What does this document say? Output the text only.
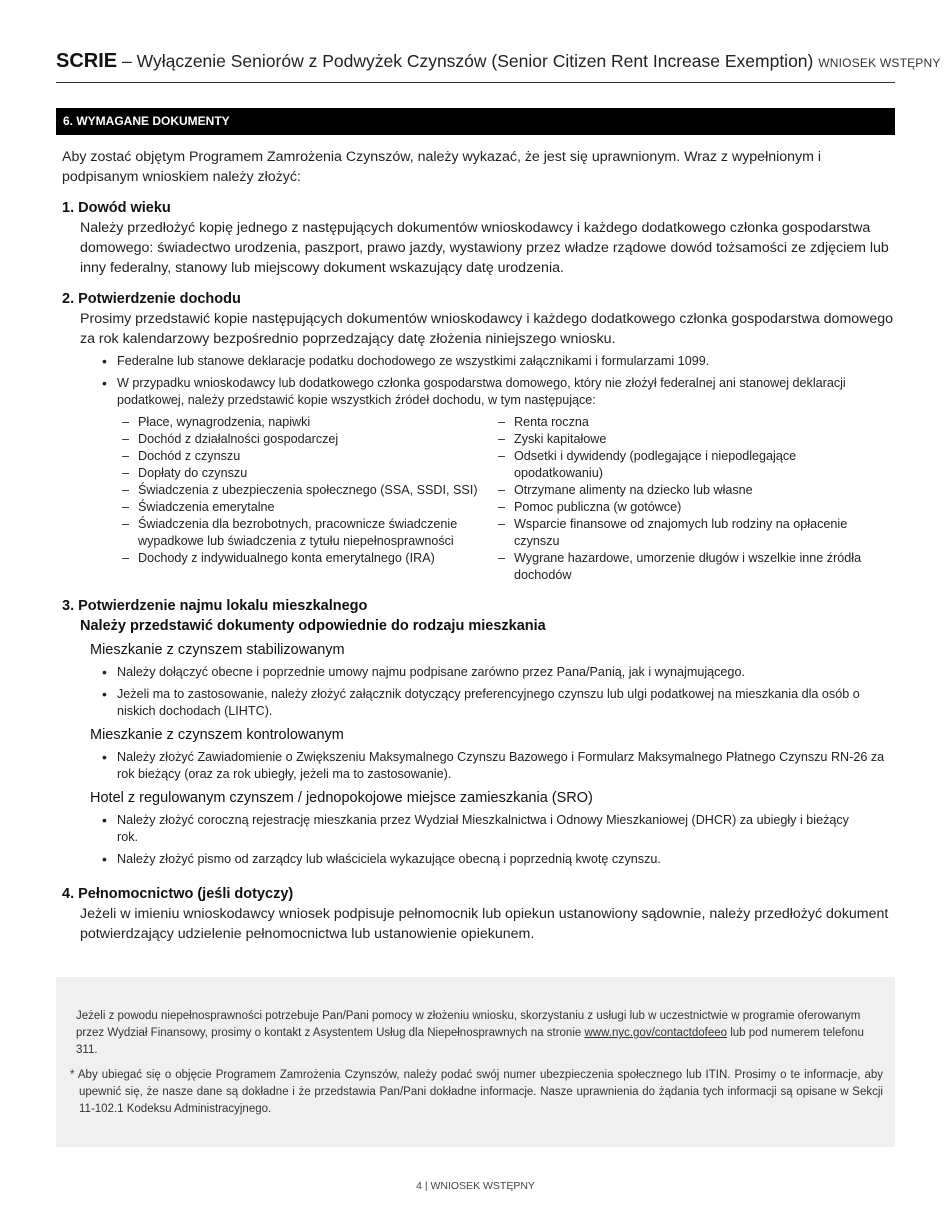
SCRIE – Wyłączenie Seniorów z Podwyżek Czynszów (Senior Citizen Rent Increase Exemption) WNIOSEK WSTĘPNY
6. WYMAGANE DOKUMENTY
Aby zostać objętym Programem Zamrożenia Czynszów, należy wykazać, że jest się uprawnionym. Wraz z wypełnionym i podpisanym wnioskiem należy złożyć:
1. Dowód wieku
Należy przedłożyć kopię jednego z następujących dokumentów wnioskodawcy i każdego dodatkowego członka gospodarstwa domowego: świadectwo urodzenia, paszport, prawo jazdy, wystawiony przez władze rządowe dowód tożsamości ze zdjęciem lub inny federalny, stanowy lub miejscowy dokument wskazujący datę urodzenia.
2. Potwierdzenie dochodu
Prosimy przedstawić kopie następujących dokumentów wnioskodawcy i każdego dodatkowego członka gospodarstwa domowego za rok kalendarzowy bezpośrednio poprzedzający datę złożenia niniejszego wniosku.
• Federalne lub stanowe deklaracje podatku dochodowego ze wszystkimi załącznikami i formularzami 1099.
• W przypadku wnioskodawcy lub dodatkowego członka gospodarstwa domowego, który nie złożył federalnej ani stanowej deklaracji podatkowej, należy przedstawić kopie wszystkich źródeł dochodu, w tym następujące:
– Płace, wynagrodzenia, napiwki
– Dochód z działalności gospodarczej
– Dochód z czynszu
– Dopłaty do czynszu
– Świadczenia z ubezpieczenia społecznego (SSA, SSDI, SSI)
– Świadczenia emerytalne
– Świadczenia dla bezrobotnych, pracownicze świadczenie wypadkowe lub świadczenia z tytułu niepełnosprawności
– Dochody z indywidualnego konta emerytalnego (IRA)
– Renta roczna
– Zyski kapitałowe
– Odsetki i dywidendy (podlegające i niepodlegające opodatkowaniu)
– Otrzymane alimenty na dziecko lub własne
– Pomoc publiczna (w gotówce)
– Wsparcie finansowe od znajomych lub rodziny na opłacenie czynszu
– Wygrane hazardowe, umorzenie długów i wszelkie inne źródła dochodów
3. Potwierdzenie najmu lokalu mieszkalnego
Należy przedstawić dokumenty odpowiednie do rodzaju mieszkania
Mieszkanie z czynszem stabilizowanym
• Należy dołączyć obecne i poprzednie umowy najmu podpisane zarówno przez Pana/Panią, jak i wynajmującego.
• Jeżeli ma to zastosowanie, należy złożyć załącznik dotyczący preferencyjnego czynszu lub ulgi podatkowej na mieszkania dla osób o niskich dochodach (LIHTC).
Mieszkanie z czynszem kontrolowanym
• Należy złożyć Zawiadomienie o Zwiększeniu Maksymalnego Czynszu Bazowego i Formularz Maksymalnego Płatnego Czynszu RN-26 za rok bieżący (oraz za rok ubiegły, jeżeli ma to zastosowanie).
Hotel z regulowanym czynszem / jednopokojowe miejsce zamieszkania (SRO)
• Należy złożyć coroczną rejestrację mieszkania przez Wydział Mieszkalnictwa i Odnowy Mieszkaniowej (DHCR) za ubiegły i bieżący rok.
• Należy złożyć pismo od zarządcy lub właściciela wykazujące obecną i poprzednią kwotę czynszu.
4. Pełnomocnictwo (jeśli dotyczy)
Jeżeli w imieniu wnioskodawcy wniosek podpisuje pełnomocnik lub opiekun ustanowiony sądownie, należy przedłożyć dokument potwierdzający udzielenie pełnomocnictwa lub ustanowienie opiekunem.
Jeżeli z powodu niepełnosprawności potrzebuje Pan/Pani pomocy w złożeniu wniosku, skorzystaniu z usługi lub w uczestnictwie w programie oferowanym przez Wydział Finansowy, prosimy o kontakt z Asystentem Usług dla Niepełnosprawnych na stronie www.nyc.gov/contactdofeeo lub pod numerem telefonu 311.
* Aby ubiegać się o objęcie Programem Zamrożenia Czynszów, należy podać swój numer ubezpieczenia społecznego lub ITIN. Prosimy o te informacje, aby upewnić się, że nasze dane są dokładne i że przedstawia Pan/Pani dokładne informacje. Nasze uprawnienia do żądania tych informacji są opisane w Sekcji 11-102.1 Kodeksu Administracyjnego.
4 | WNIOSEK WSTĘPNY
